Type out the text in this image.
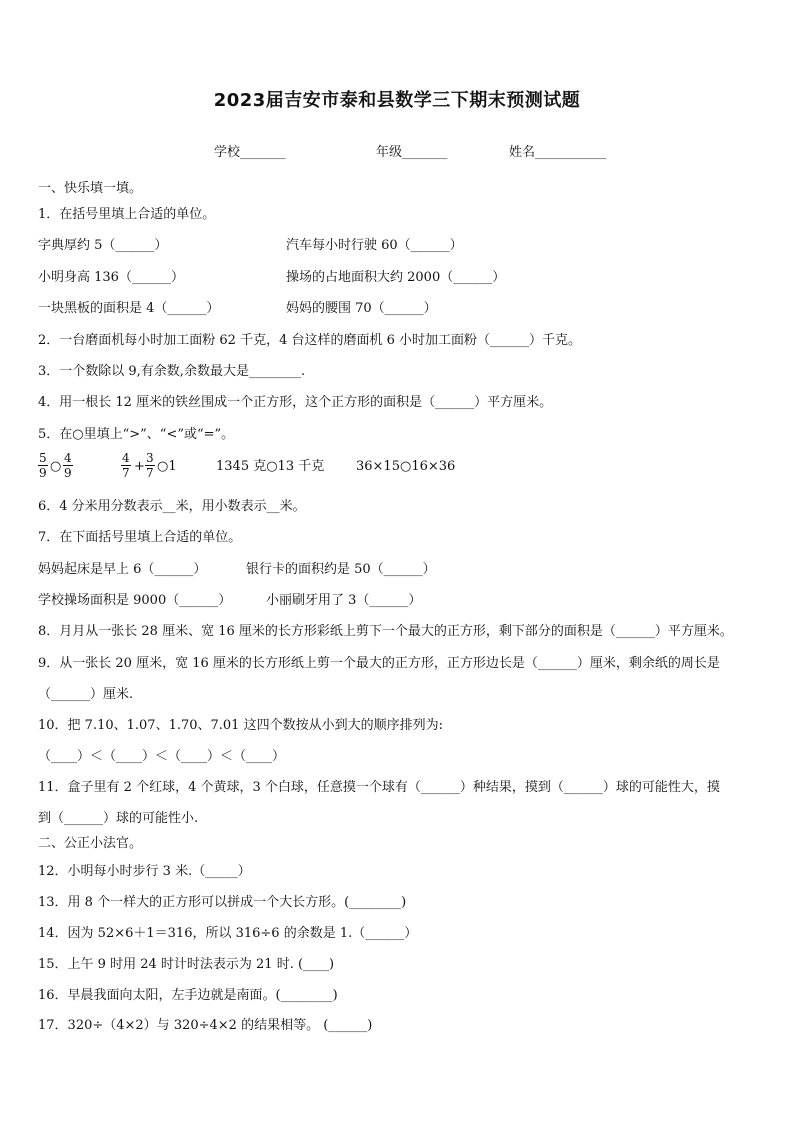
2023届吉安市泰和县数学三下期末预测试题
学校_______	年级_______	姓名___________
一、快乐填一填。
1．在括号里填上合适的单位。
字典厚约 5（______）	汽车每小时行驶 60（______）
小明身高 136（______）	操场的占地面积大约 2000（______）
一块黑板的面积是 4（______）	妈妈的腰围 70（______）
2．一台磨面机每小时加工面粉 62 千克，4 台这样的磨面机 6 小时加工面粉（______）千克。
3．一个数除以 9,有余数,余数最大是________.
4．用一根长 12 厘米的铁丝围成一个正方形，这个正方形的面积是（______）平方厘米。
5．在○里填上“>”、“<”或“=”。
$\frac{5}{9}$ ○ $\frac{4}{9}$	$\frac{4}{7} + \frac{3}{7}$ ○1	1345 克○13 千克 36×15○16×36
6．4 分米用分数表示__米，用小数表示__米。
7．在下面括号里填上合适的单位。
妈妈起床是早上 6（______）	银行卡的面积约是 50（______）
学校操场面积是 9000（______）	小丽刷牙用了 3（______）
8．月月从一张长 28 厘米、宽 16 厘米的长方形彩纸上剪下一个最大的正方形，剩下部分的面积是（______）平方厘米。
9．从一张长 20 厘米，宽 16 厘米的长方形纸上剪一个最大的正方形，正方形边长是（______）厘米，剩余纸的周长是
（______）厘米.
10．把 7.10、1.07、1.70、7.01 这四个数按从小到大的顺序排列为:
（____）＜（____）＜（____）＜（____）
11．盒子里有 2 个红球，4 个黄球，3 个白球，任意摸一个球有（______）种结果，摸到（______）球的可能性大，摸
到（______）球的可能性小.
二、公正小法官。
12．小明每小时步行 3 米.（_____）
13．用 8 个一样大的正方形可以拼成一个大长方形。(________)
14．因为 52×6＋1＝316，所以 316÷6 的余数是 1.（______）
15．上午 9 时用 24 时计时法表示为 21 时. (____)
16．早晨我面向太阳，左手边就是南面。(________)
17．320÷（4×2）与 320÷4×2 的结果相等。 (______)
